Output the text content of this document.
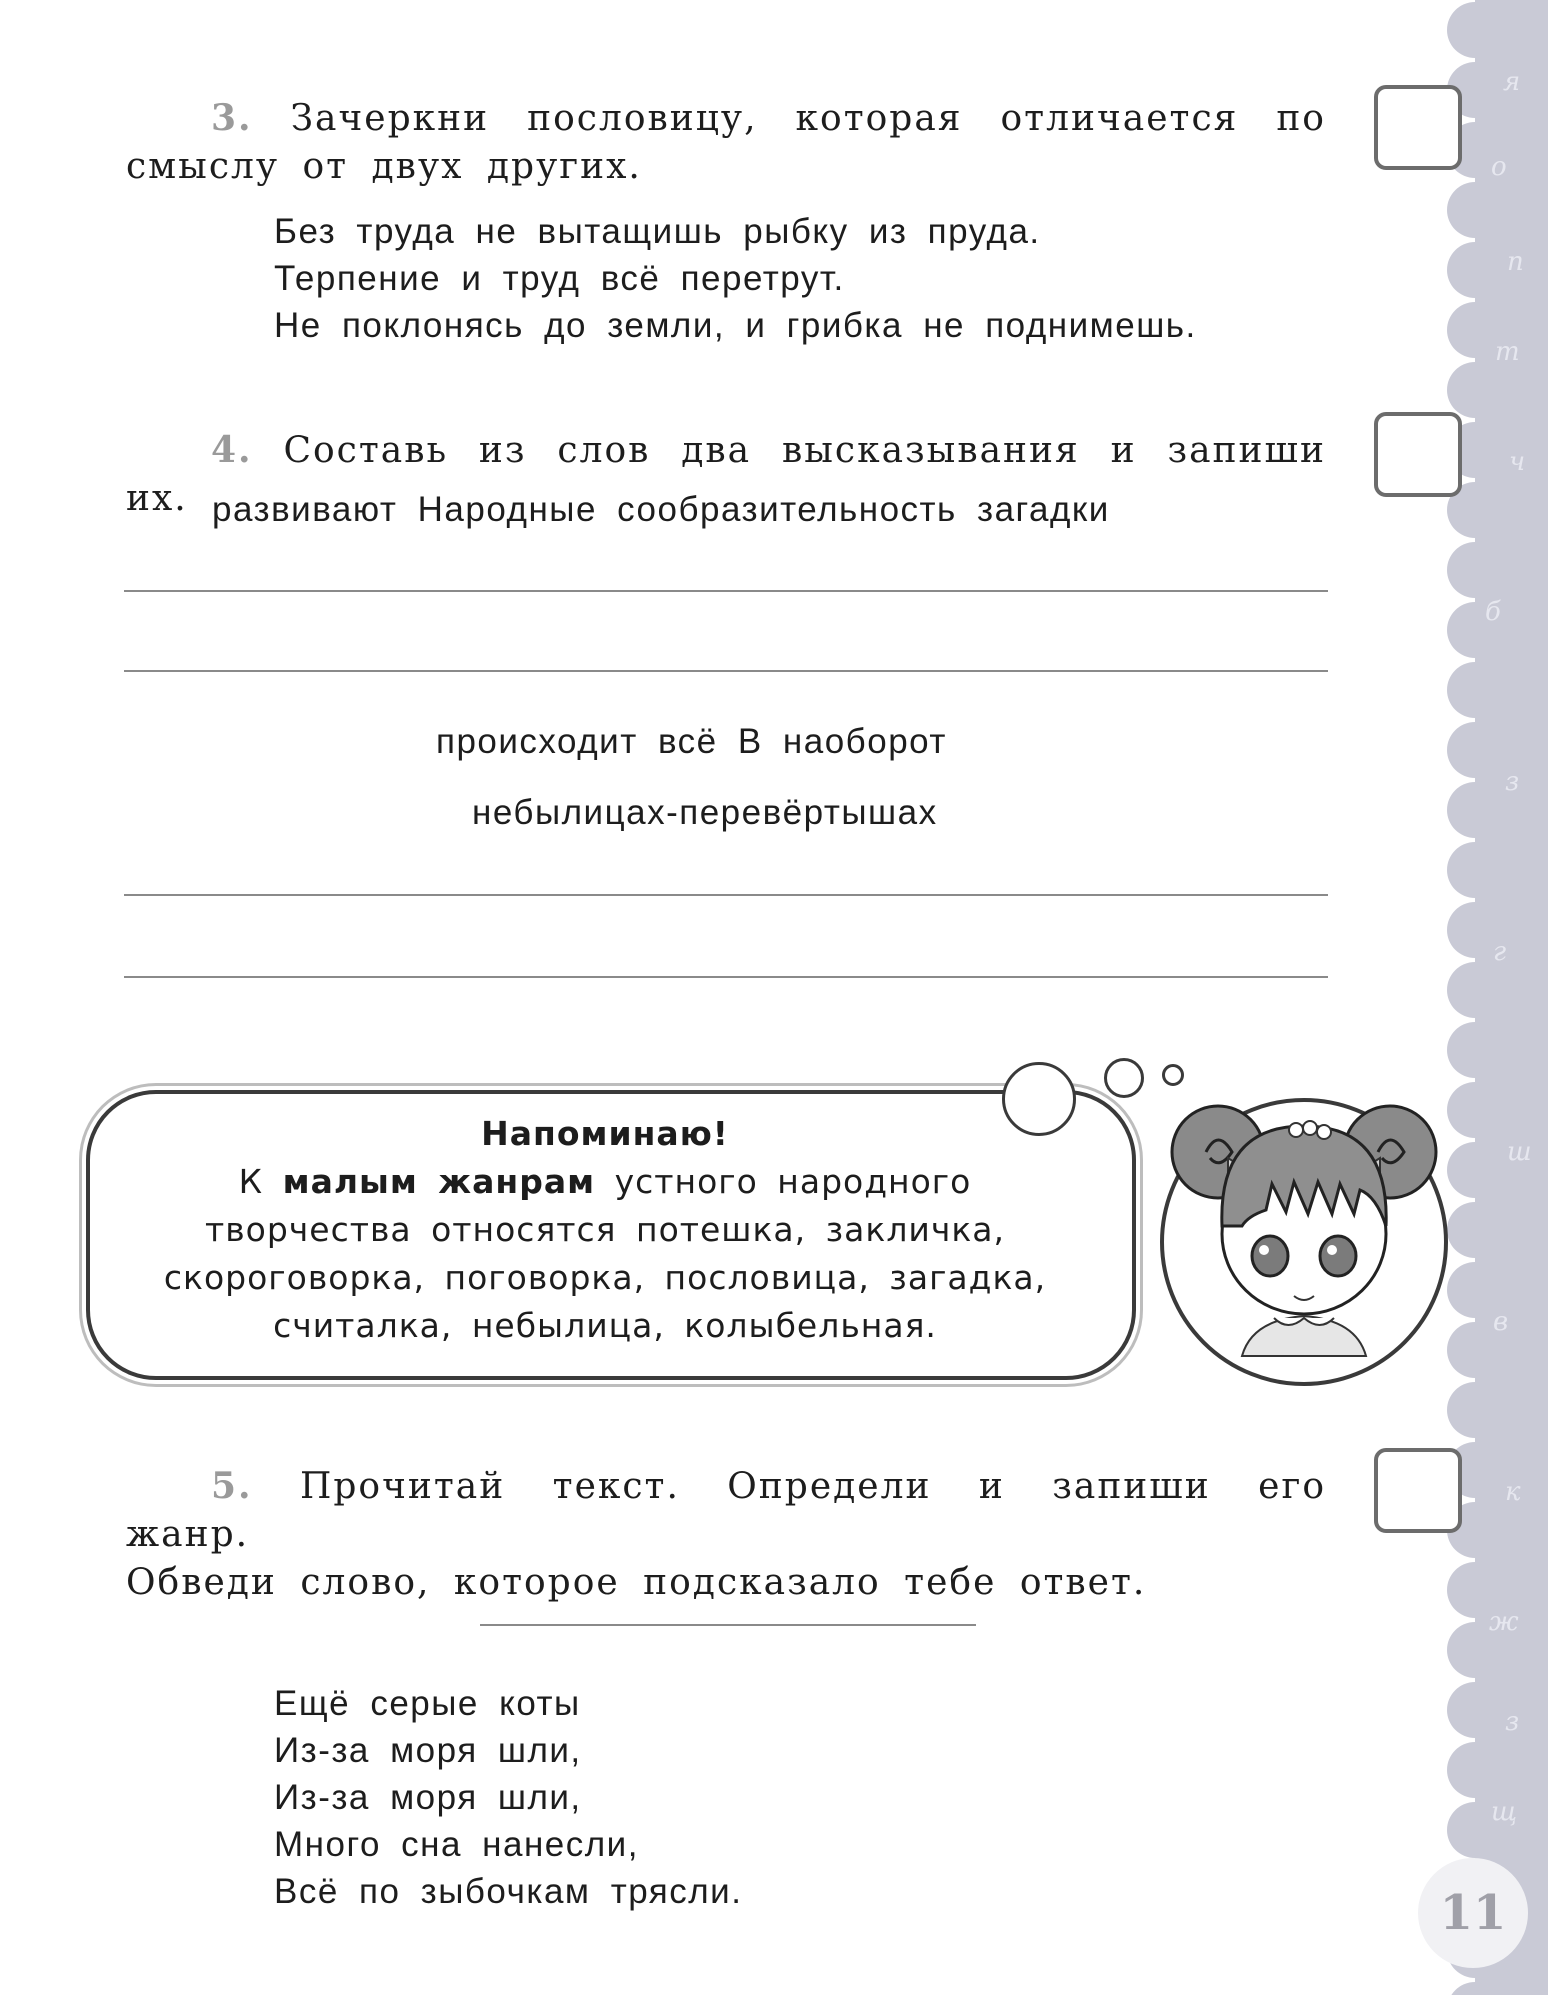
я
о
п
т
ч
б
з
г
ш
в
к
ж
з
щ

3. Зачеркни пословицу, которая отличается по

смыслу от двух других.

Без труда не вытащишь рыбку из пруда.

Терпение и труд всё перетрут.

Не поклонясь до земли, и грибка не поднимешь.

4. Составь из слов два высказывания и запиши их. развивают Народные сообразительность загадки
происходит всё В наоборот
небылицах-перевёртышах
Напоминаю!
К малым жанрам устного народного
творчества относятся потешка, закличка,
скороговорка, поговорка, пословица, загадка,
считалка, небылица, колыбельная.

5. Прочитай текст. Определи и запиши его жанр.

Обведи слово, которое подсказало тебе ответ.

Ещё серые коты

Из-за моря шли,

Из-за моря шли,

Много сна нанесли,

Всё по зыбочкам трясли.	11
